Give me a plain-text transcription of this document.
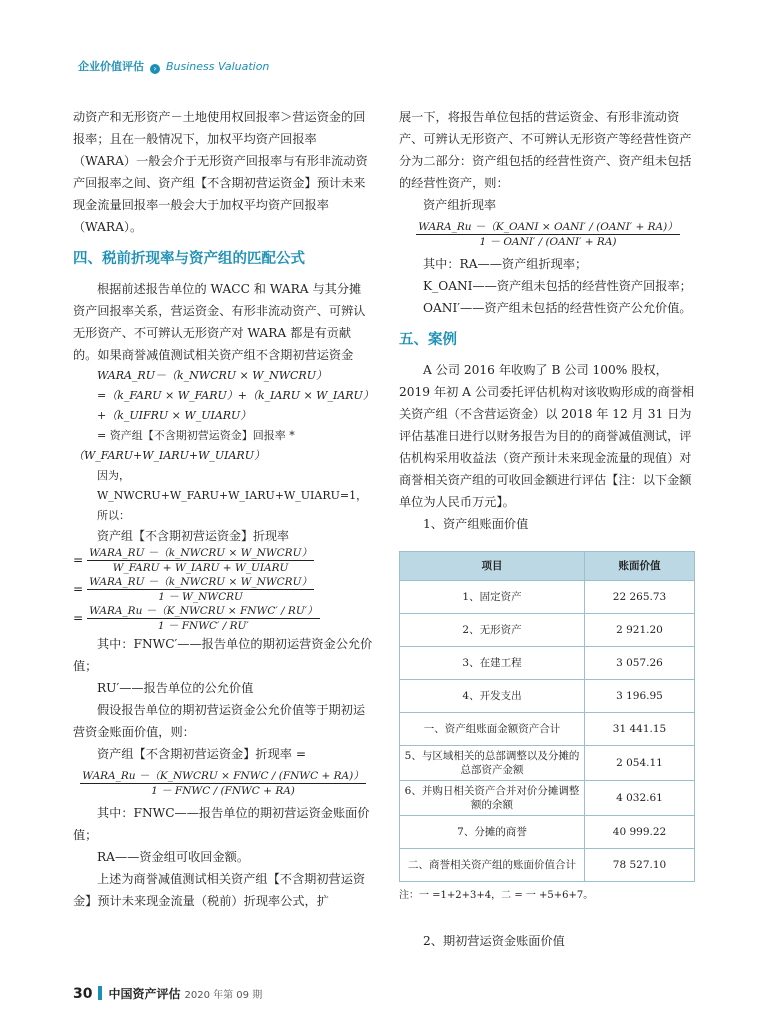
企业价值评估 › Business Valuation

动资产和无形资产－土地使用权回报率＞营运资金的回报率；且在一般情况下，加权平均资产回报率（WARA）一般会介于无形资产回报率与有形非流动资产回报率之间、资产组【不含期初营运资金】预计未来现金流量回报率一般会大于加权平均资产回报率（WARA）。

四、税前折现率与资产组的匹配公式

根据前述报告单位的 WACC 和 WARA 与其分摊资产回报率关系，营运资金、有形非流动资产、可辨认无形资产、不可辨认无形资产对 WARA 都是有贡献的。如果商誉减值测试相关资产组不含期初营运资金

WARA_RU－（k_NWCRU × W_NWCRU）
=（k_FARU × W_FARU）+（k_IARU × W_IARU）+（k_UIFRU × W_UIARU）
= 资产组【不含期初营运资金】回报率 *
（W_FARU+W_IARU+W_UIARU）
因为，W_NWCRU+W_FARU+W_IARU+W_UIARU=1，所以：
资产组【不含期初营运资金】折现率
= $\frac{\text{WARA\_RU －（k\_NWCRU × W\_NWCRU）}}{\text{W\_FARU + W\_IARU + W\_UIARU}}$
= $\frac{\text{WARA\_RU －（k\_NWCRU × W\_NWCRU）}}{\text{1 － W\_NWCRU}}$
= $\frac{\text{WARA\_Ru －（K\_NWCRU × FNWC′ / RU′）}}{\text{1 － FNWC′ / RU′}}$

其中：FNWC′——报告单位的期初运营资金公允价值；

RU′——报告单位的公允价值

假设报告单位的期初营运资金公允价值等于期初运营资金账面价值，则：

资产组【不含期初营运资金】折现率 =

$\frac{\text{WARA\_Ru －（K\_NWCRU × FNWC / (FNWC + RA)）}}{\text{1 － FNWC / (FNWC + RA)}}$

其中：FNWC——报告单位的期初营运资金账面价值；

RA——资金组可收回金额。

上述为商誉减值测试相关资产组【不含期初营运资金】预计未来现金流量（税前）折现率公式，扩

展一下，将报告单位包括的营运资金、有形非流动资产、可辨认无形资产、不可辨认无形资产等经营性资产分为二部分：资产组包括的经营性资产、资产组未包括的经营性资产，则：

资产组折现率

$\frac{\text{WARA\_Ru －（K\_OANI × OANI′ / (OANI′ + RA)）}}{\text{1 － OANI′ / (OANI′ + RA)}}$

其中：RA——资产组折现率；

K_OANI——资产组未包括的经营性资产回报率；

OANI′——资产组未包括的经营性资产公允价值。

五、案例

A 公司 2016 年收购了 B 公司 100% 股权，2019 年初 A 公司委托评估机构对该收购形成的商誉相关资产组（不含营运资金）以 2018 年 12 月 31 日为评估基准日进行以财务报告为目的的商誉减值测试，评估机构采用收益法（资产预计未来现金流量的现值）对商誉相关资产组的可收回金额进行评估【注：以下金额单位为人民币万元】。

1、资产组账面价值

项目	账面价值
1、固定资产	22 265.73
2、无形资产	2 921.20
3、在建工程	3 057.26
4、开发支出	3 196.95
一、资产组账面金额资产合计	31 441.15
5、与区域相关的总部调整以及分摊的总部资产金额	2 054.11
6、并购日相关资产合并对价分摊调整额的余额	4 032.61
7、分摊的商誉	40 999.22
二、商誉相关资产组的账面价值合计	78 527.10
注：一 =1+2+3+4，二 = 一 +5+6+7。

2、期初营运资金账面价值

30 中国资产评估 2020 年第 09 期
